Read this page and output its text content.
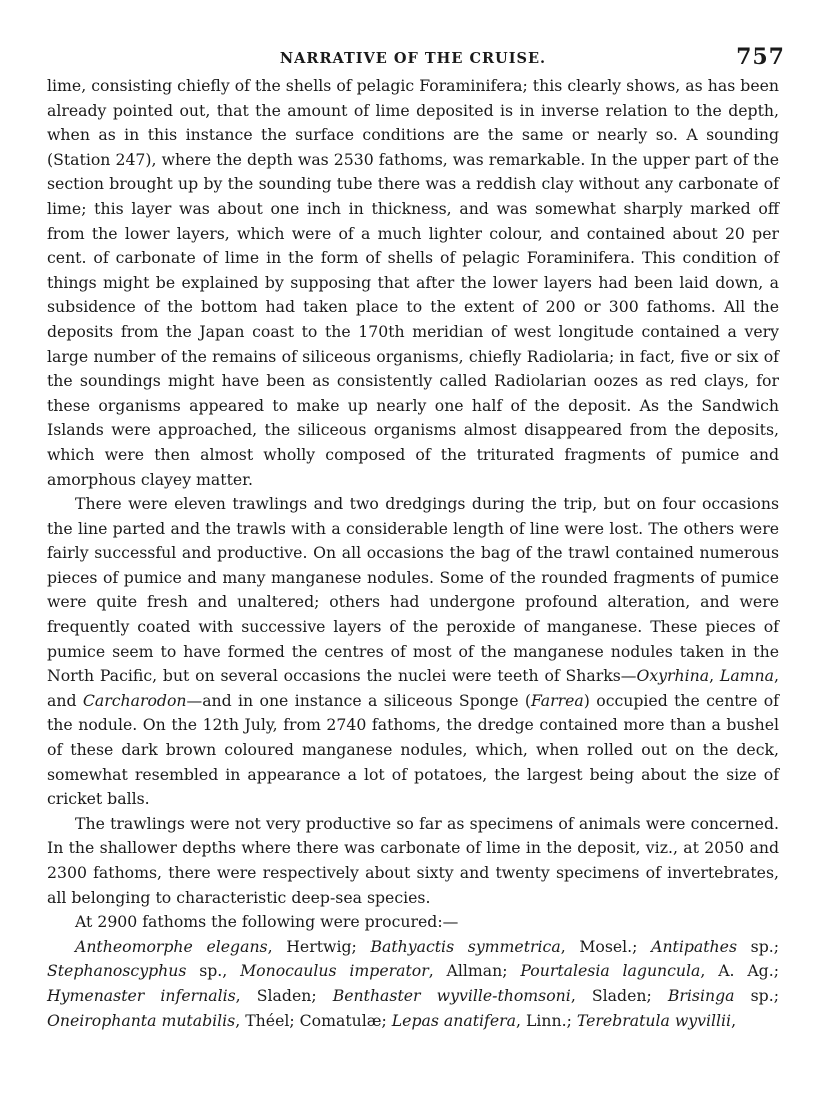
NARRATIVE OF THE CRUISE.	757

lime, consisting chiefly of the shells of pelagic Foraminifera; this clearly shows, as has been already pointed out, that the amount of lime deposited is in inverse relation to the depth, when as in this instance the surface conditions are the same or nearly so. A sounding (Station 247), where the depth was 2530 fathoms, was remarkable. In the upper part of the section brought up by the sounding tube there was a reddish clay without any carbonate of lime; this layer was about one inch in thickness, and was somewhat sharply marked off from the lower layers, which were of a much lighter colour, and contained about 20 per cent. of carbonate of lime in the form of shells of pelagic Foraminifera. This condition of things might be explained by supposing that after the lower layers had been laid down, a subsidence of the bottom had taken place to the extent of 200 or 300 fathoms. All the deposits from the Japan coast to the 170th meridian of west longitude contained a very large number of the remains of siliceous organisms, chiefly Radiolaria; in fact, five or six of the soundings might have been as consistently called Radiolarian oozes as red clays, for these organisms appeared to make up nearly one half of the deposit. As the Sandwich Islands were approached, the siliceous organisms almost disappeared from the deposits, which were then almost wholly composed of the triturated fragments of pumice and amorphous clayey matter.

There were eleven trawlings and two dredgings during the trip, but on four occasions the line parted and the trawls with a considerable length of line were lost. The others were fairly successful and productive. On all occasions the bag of the trawl contained numerous pieces of pumice and many manganese nodules. Some of the rounded fragments of pumice were quite fresh and unaltered; others had undergone profound alteration, and were frequently coated with successive layers of the peroxide of manganese. These pieces of pumice seem to have formed the centres of most of the manganese nodules taken in the North Pacific, but on several occasions the nuclei were teeth of Sharks—Oxyrhina, Lamna, and Carcharodon—and in one instance a siliceous Sponge (Farrea) occupied the centre of the nodule. On the 12th July, from 2740 fathoms, the dredge contained more than a bushel of these dark brown coloured manganese nodules, which, when rolled out on the deck, somewhat resembled in appearance a lot of potatoes, the largest being about the size of cricket balls.

The trawlings were not very productive so far as specimens of animals were concerned. In the shallower depths where there was carbonate of lime in the deposit, viz., at 2050 and 2300 fathoms, there were respectively about sixty and twenty specimens of invertebrates, all belonging to characteristic deep-sea species.

At 2900 fathoms the following were procured:—

Antheomorphe elegans, Hertwig; Bathyactis symmetrica, Mosel.; Antipathes sp.; Stephanoscyphus sp., Monocaulus imperator, Allman; Pourtalesia laguncula, A. Ag.; Hymenaster infernalis, Sladen; Benthaster wyville-thomsoni, Sladen; Brisinga sp.; Oneirophanta mutabilis, Théel; Comatulæ; Lepas anatifera, Linn.; Terebratula wyvillii,
